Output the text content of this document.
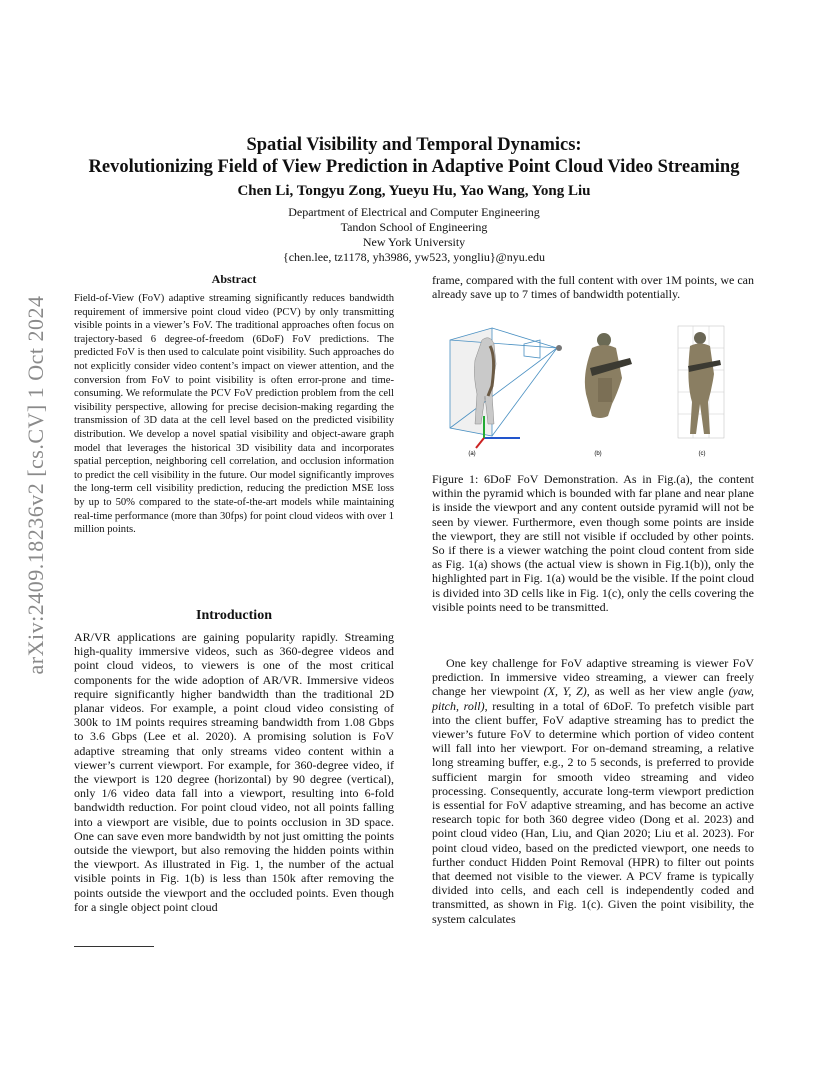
arXiv:2409.18236v2 [cs.CV] 1 Oct 2024
Spatial Visibility and Temporal Dynamics:
Revolutionizing Field of View Prediction in Adaptive Point Cloud Video Streaming
Chen Li, Tongyu Zong, Yueyu Hu, Yao Wang, Yong Liu
Department of Electrical and Computer Engineering
Tandon School of Engineering
New York University
{chen.lee, tz1178, yh3986, yw523, yongliu}@nyu.edu
Abstract

Field-of-View (FoV) adaptive streaming significantly reduces bandwidth requirement of immersive point cloud video (PCV) by only transmitting visible points in a viewer’s FoV. The traditional approaches often focus on trajectory-based 6 degree-of-freedom (6DoF) FoV predictions. The predicted FoV is then used to calculate point visibility. Such approaches do not explicitly consider video content’s impact on viewer attention, and the conversion from FoV to point visibility is often error-prone and time-consuming. We reformulate the PCV FoV prediction problem from the cell visibility perspective, allowing for precise decision-making regarding the transmission of 3D data at the cell level based on the predicted visibility distribution. We develop a novel spatial visibility and object-aware graph model that leverages the historical 3D visibility data and incorporates spatial perception, neighboring cell correlation, and occlusion information to predict the cell visibility in the future. Our model significantly improves the long-term cell visibility prediction, reducing the prediction MSE loss by up to 50% compared to the state-of-the-art models while maintaining real-time performance (more than 30fps) for point cloud videos with over 1 million points.

Introduction

AR/VR applications are gaining popularity rapidly. Streaming high-quality immersive videos, such as 360-degree videos and point cloud videos, to viewers is one of the most critical components for the wide adoption of AR/VR. Immersive videos require significantly higher bandwidth than the traditional 2D planar videos. For example, a point cloud video consisting of 300k to 1M points requires streaming bandwidth from 1.08 Gbps to 3.6 Gbps (Lee et al. 2020). A promising solution is FoV adaptive streaming that only streams video content within a viewer’s current viewport. For example, for 360-degree video, if the viewport is 120 degree (horizontal) by 90 degree (vertical), only 1/6 video data fall into a viewport, resulting into 6-fold bandwidth reduction. For point cloud video, not all points falling into a viewport are visible, due to points occlusion in 3D space. One can save even more bandwidth by not just omitting the points outside the viewport, but also removing the hidden points within the viewport. As illustrated in Fig. 1, the number of the actual visible points in Fig. 1(b) is less than 150k after removing the points outside the viewport and the occluded points. Even though for a single object point cloud

frame, compared with the full content with over 1M points, we can already save up to 7 times of bandwidth potentially.
(a)	(b)	(c)
Figure 1: 6DoF FoV Demonstration. As in Fig.(a), the content within the pyramid which is bounded with far plane and near plane is inside the viewport and any content outside pyramid will not be seen by viewer. Furthermore, even though some points are inside the viewport, they are still not visible if occluded by other points. So if there is a viewer watching the point cloud content from side as Fig. 1(a) shows (the actual view is shown in Fig.1(b)), only the highlighted part in Fig. 1(a) would be the visible. If the point cloud is divided into 3D cells like in Fig. 1(c), only the cells covering the visible points need to be transmitted.

One key challenge for FoV adaptive streaming is viewer FoV prediction. In immersive video streaming, a viewer can freely change her viewpoint (X, Y, Z), as well as her view angle (yaw, pitch, roll), resulting in a total of 6DoF. To prefetch visible part into the client buffer, FoV adaptive streaming has to predict the viewer’s future FoV to determine which portion of video content will fall into her viewport. For on-demand streaming, a relative long streaming buffer, e.g., 2 to 5 seconds, is preferred to provide sufficient margin for smooth video streaming and video processing. Consequently, accurate long-term viewport prediction is essential for FoV adaptive streaming, and has become an active research topic for both 360 degree video (Dong et al. 2023) and point cloud video (Han, Liu, and Qian 2020; Liu et al. 2023). For point cloud video, based on the predicted viewport, one needs to further conduct Hidden Point Removal (HPR) to filter out points that deemed not visible to the viewer. A PCV frame is typically divided into cells, and each cell is independently coded and transmitted, as shown in Fig. 1(c). Given the point visibility, the system calculates
